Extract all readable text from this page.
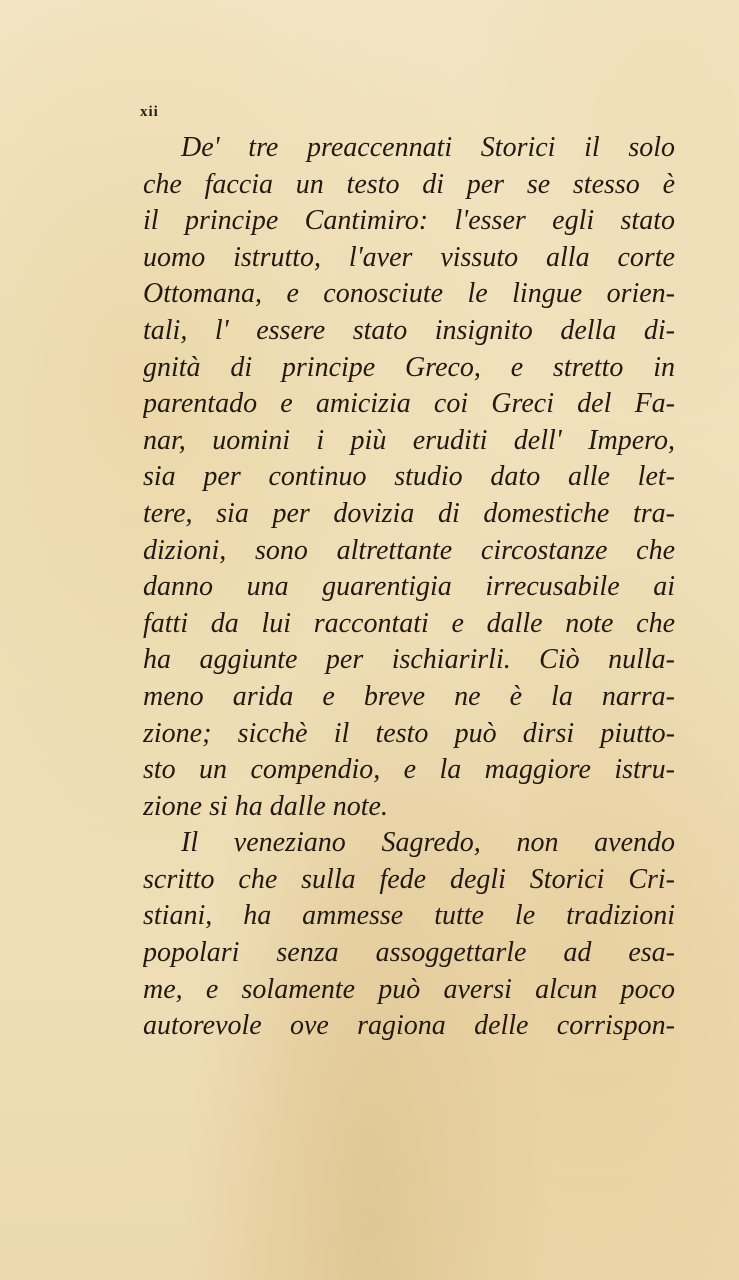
xii
De' tre preaccennati Storici il solo
che faccia un testo di per se stesso è
il principe Cantimiro: l'esser egli stato
uomo istrutto, l'aver vissuto alla corte
Ottomana, e conosciute le lingue orien-
tali, l' essere stato insignito della di-
gnità di principe Greco, e stretto in
parentado e amicizia coi Greci del Fa-
nar, uomini i più eruditi dell' Impero,
sia per continuo studio dato alle let-
tere, sia per dovizia di domestiche tra-
dizioni, sono altrettante circostanze che
danno una guarentigia irrecusabile ai
fatti da lui raccontati e dalle note che
ha aggiunte per ischiarirli. Ciò nulla-
meno arida e breve ne è la narra-
zione; sicchè il testo può dirsi piutto-
sto un compendio, e la maggiore istru-
zione si ha dalle note.
Il veneziano Sagredo, non avendo
scritto che sulla fede degli Storici Cri-
stiani, ha ammesse tutte le tradizioni
popolari senza assoggettarle ad esa-
me, e solamente può aversi alcun poco
autorevole ove ragiona delle corrispon-
